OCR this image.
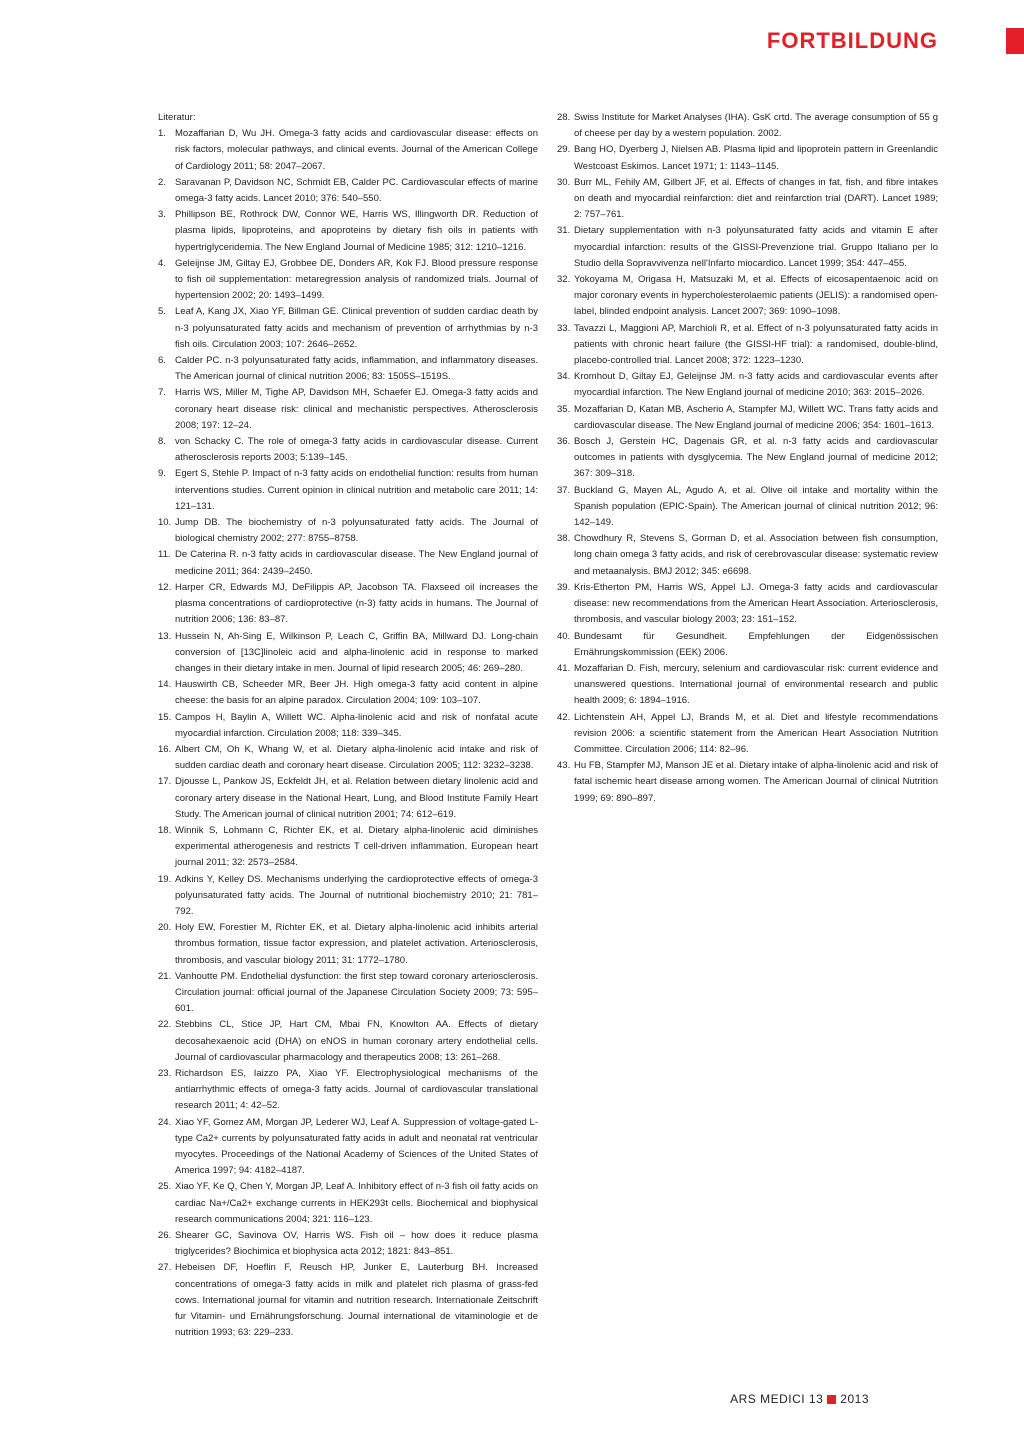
FORTBILDUNG

Literatur:

1. Mozaffarian D, Wu JH. Omega-3 fatty acids and cardiovascular disease: effects on risk factors, molecular pathways, and clinical events. Journal of the American College of Cardiology 2011; 58: 2047–2067.
2. Saravanan P, Davidson NC, Schmidt EB, Calder PC. Cardiovascular effects of marine omega-3 fatty acids. Lancet 2010; 376: 540–550.
3. Phillipson BE, Rothrock DW, Connor WE, Harris WS, Illingworth DR. Reduction of plasma lipids, lipoproteins, and apoproteins by dietary fish oils in patients with hypertriglyceridemia. The New England Journal of Medicine 1985; 312: 1210–1216.
4. Geleijnse JM, Giltay EJ, Grobbee DE, Donders AR, Kok FJ. Blood pressure response to fish oil supplementation: metaregression analysis of randomized trials. Journal of hypertension 2002; 20: 1493–1499.
5. Leaf A, Kang JX, Xiao YF, Billman GE. Clinical prevention of sudden cardiac death by n-3 polyunsaturated fatty acids and mechanism of prevention of arrhythmias by n-3 fish oils. Circulation 2003; 107: 2646–2652.
6. Calder PC. n-3 polyunsaturated fatty acids, inflammation, and inflammatory diseases. The American journal of clinical nutrition 2006; 83: 1505S–1519S.
7. Harris WS, Miller M, Tighe AP, Davidson MH, Schaefer EJ. Omega-3 fatty acids and coronary heart disease risk: clinical and mechanistic perspectives. Atherosclerosis 2008; 197: 12–24.
8. von Schacky C. The role of omega-3 fatty acids in cardiovascular disease. Current atherosclerosis reports 2003; 5:139–145.
9. Egert S, Stehle P. Impact of n-3 fatty acids on endothelial function: results from human interventions studies. Current opinion in clinical nutrition and metabolic care 2011; 14: 121–131.
10. Jump DB. The biochemistry of n-3 polyunsaturated fatty acids. The Journal of biological chemistry 2002; 277: 8755–8758.
11. De Caterina R. n-3 fatty acids in cardiovascular disease. The New England journal of medicine 2011; 364: 2439–2450.
12. Harper CR, Edwards MJ, DeFilippis AP, Jacobson TA. Flaxseed oil increases the plasma concentrations of cardioprotective (n-3) fatty acids in humans. The Journal of nutrition 2006; 136: 83–87.
13. Hussein N, Ah-Sing E, Wilkinson P, Leach C, Griffin BA, Millward DJ. Long-chain conversion of [13C]linoleic acid and alpha-linolenic acid in response to marked changes in their dietary intake in men. Journal of lipid research 2005; 46: 269–280.
14. Hauswirth CB, Scheeder MR, Beer JH. High omega-3 fatty acid content in alpine cheese: the basis for an alpine paradox. Circulation 2004; 109: 103–107.
15. Campos H, Baylin A, Willett WC. Alpha-linolenic acid and risk of nonfatal acute myocardial infarction. Circulation 2008; 118: 339–345.
16. Albert CM, Oh K, Whang W, et al. Dietary alpha-linolenic acid intake and risk of sudden cardiac death and coronary heart disease. Circulation 2005; 112: 3232–3238.
17. Djousse L, Pankow JS, Eckfeldt JH, et al. Relation between dietary linolenic acid and coronary artery disease in the National Heart, Lung, and Blood Institute Family Heart Study. The American journal of clinical nutrition 2001; 74: 612–619.
18. Winnik S, Lohmann C, Richter EK, et al. Dietary alpha-linolenic acid diminishes experimental atherogenesis and restricts T cell-driven inflammation. European heart journal 2011; 32: 2573–2584.
19. Adkins Y, Kelley DS. Mechanisms underlying the cardioprotective effects of omega-3 polyunsaturated fatty acids. The Journal of nutritional biochemistry 2010; 21: 781–792.
20. Holy EW, Forestier M, Richter EK, et al. Dietary alpha-linolenic acid inhibits arterial thrombus formation, tissue factor expression, and platelet activation. Arteriosclerosis, thrombosis, and vascular biology 2011; 31: 1772–1780.
21. Vanhoutte PM. Endothelial dysfunction: the first step toward coronary arteriosclerosis. Circulation journal: official journal of the Japanese Circulation Society 2009; 73: 595–601.
22. Stebbins CL, Stice JP, Hart CM, Mbai FN, Knowlton AA. Effects of dietary decosahexaenoic acid (DHA) on eNOS in human coronary artery endothelial cells. Journal of cardiovascular pharmacology and therapeutics 2008; 13: 261–268.
23. Richardson ES, Iaizzo PA, Xiao YF. Electrophysiological mechanisms of the antiarrhythmic effects of omega-3 fatty acids. Journal of cardiovascular translational research 2011; 4: 42–52.
24. Xiao YF, Gomez AM, Morgan JP, Lederer WJ, Leaf A. Suppression of voltage-gated L-type Ca2+ currents by polyunsaturated fatty acids in adult and neonatal rat ventricular myocytes. Proceedings of the National Academy of Sciences of the United States of America 1997; 94: 4182–4187.
25. Xiao YF, Ke Q, Chen Y, Morgan JP, Leaf A. Inhibitory effect of n-3 fish oil fatty acids on cardiac Na+/Ca2+ exchange currents in HEK293t cells. Biochemical and biophysical research communications 2004; 321: 116–123.
26. Shearer GC, Savinova OV, Harris WS. Fish oil – how does it reduce plasma triglycerides? Biochimica et biophysica acta 2012; 1821: 843–851.
27. Hebeisen DF, Hoeflin F, Reusch HP, Junker E, Lauterburg BH. Increased concentrations of omega-3 fatty acids in milk and platelet rich plasma of grass-fed cows. International journal for vitamin and nutrition research. Internationale Zeitschrift fur Vitamin- und Ernährungsforschung. Journal international de vitaminologie et de nutrition 1993; 63: 229–233.
28. Swiss Institute for Market Analyses (IHA). GsK crtd. The average consumption of 55 g of cheese per day by a western population. 2002.
29. Bang HO, Dyerberg J, Nielsen AB. Plasma lipid and lipoprotein pattern in Greenlandic Westcoast Eskimos. Lancet 1971; 1: 1143–1145.
30. Burr ML, Fehily AM, Gilbert JF, et al. Effects of changes in fat, fish, and fibre intakes on death and myocardial reinfarction: diet and reinfarction trial (DART). Lancet 1989; 2: 757–761.
31. Dietary supplementation with n-3 polyunsaturated fatty acids and vitamin E after myocardial infarction: results of the GISSI-Prevenzione trial. Gruppo Italiano per lo Studio della Sopravvivenza nell'Infarto miocardico. Lancet 1999; 354: 447–455.
32. Yokoyama M, Origasa H, Matsuzaki M, et al. Effects of eicosapentaenoic acid on major coronary events in hypercholesterolaemic patients (JELIS): a randomised open-label, blinded endpoint analysis. Lancet 2007; 369: 1090–1098.
33. Tavazzi L, Maggioni AP, Marchioli R, et al. Effect of n-3 polyunsaturated fatty acids in patients with chronic heart failure (the GISSI-HF trial): a randomised, double-blind, placebo-controlled trial. Lancet 2008; 372: 1223–1230.
34. Kromhout D, Giltay EJ, Geleijnse JM. n-3 fatty acids and cardiovascular events after myocardial infarction. The New England journal of medicine 2010; 363: 2015–2026.
35. Mozaffarian D, Katan MB, Ascherio A, Stampfer MJ, Willett WC. Trans fatty acids and cardiovascular disease. The New England journal of medicine 2006; 354: 1601–1613.
36. Bosch J, Gerstein HC, Dagenais GR, et al. n-3 fatty acids and cardiovascular outcomes in patients with dysglycemia. The New England journal of medicine 2012; 367: 309–318.
37. Buckland G, Mayen AL, Agudo A, et al. Olive oil intake and mortality within the Spanish population (EPIC-Spain). The American journal of clinical nutrition 2012; 96: 142–149.
38. Chowdhury R, Stevens S, Gorman D, et al. Association between fish consumption, long chain omega 3 fatty acids, and risk of cerebrovascular disease: systematic review and metaanalysis. BMJ 2012; 345: e6698.
39. Kris-Etherton PM, Harris WS, Appel LJ. Omega-3 fatty acids and cardiovascular disease: new recommendations from the American Heart Association. Arteriosclerosis, thrombosis, and vascular biology 2003; 23: 151–152.
40. Bundesamt für Gesundheit. Empfehlungen der Eidgenössischen Ernährungskommission (EEK) 2006.
41. Mozaffarian D. Fish, mercury, selenium and cardiovascular risk: current evidence and unanswered questions. International journal of environmental research and public health 2009; 6: 1894–1916.
42. Lichtenstein AH, Appel LJ, Brands M, et al. Diet and lifestyle recommendations revision 2006: a scientific statement from the American Heart Association Nutrition Committee. Circulation 2006; 114: 82–96.
43. Hu FB, Stampfer MJ, Manson JE et al. Dietary intake of alpha-linolenic acid and risk of fatal ischemic heart disease among women. The American Journal of clinical Nutrition 1999; 69: 890–897.
ARS MEDICI 13 2013
